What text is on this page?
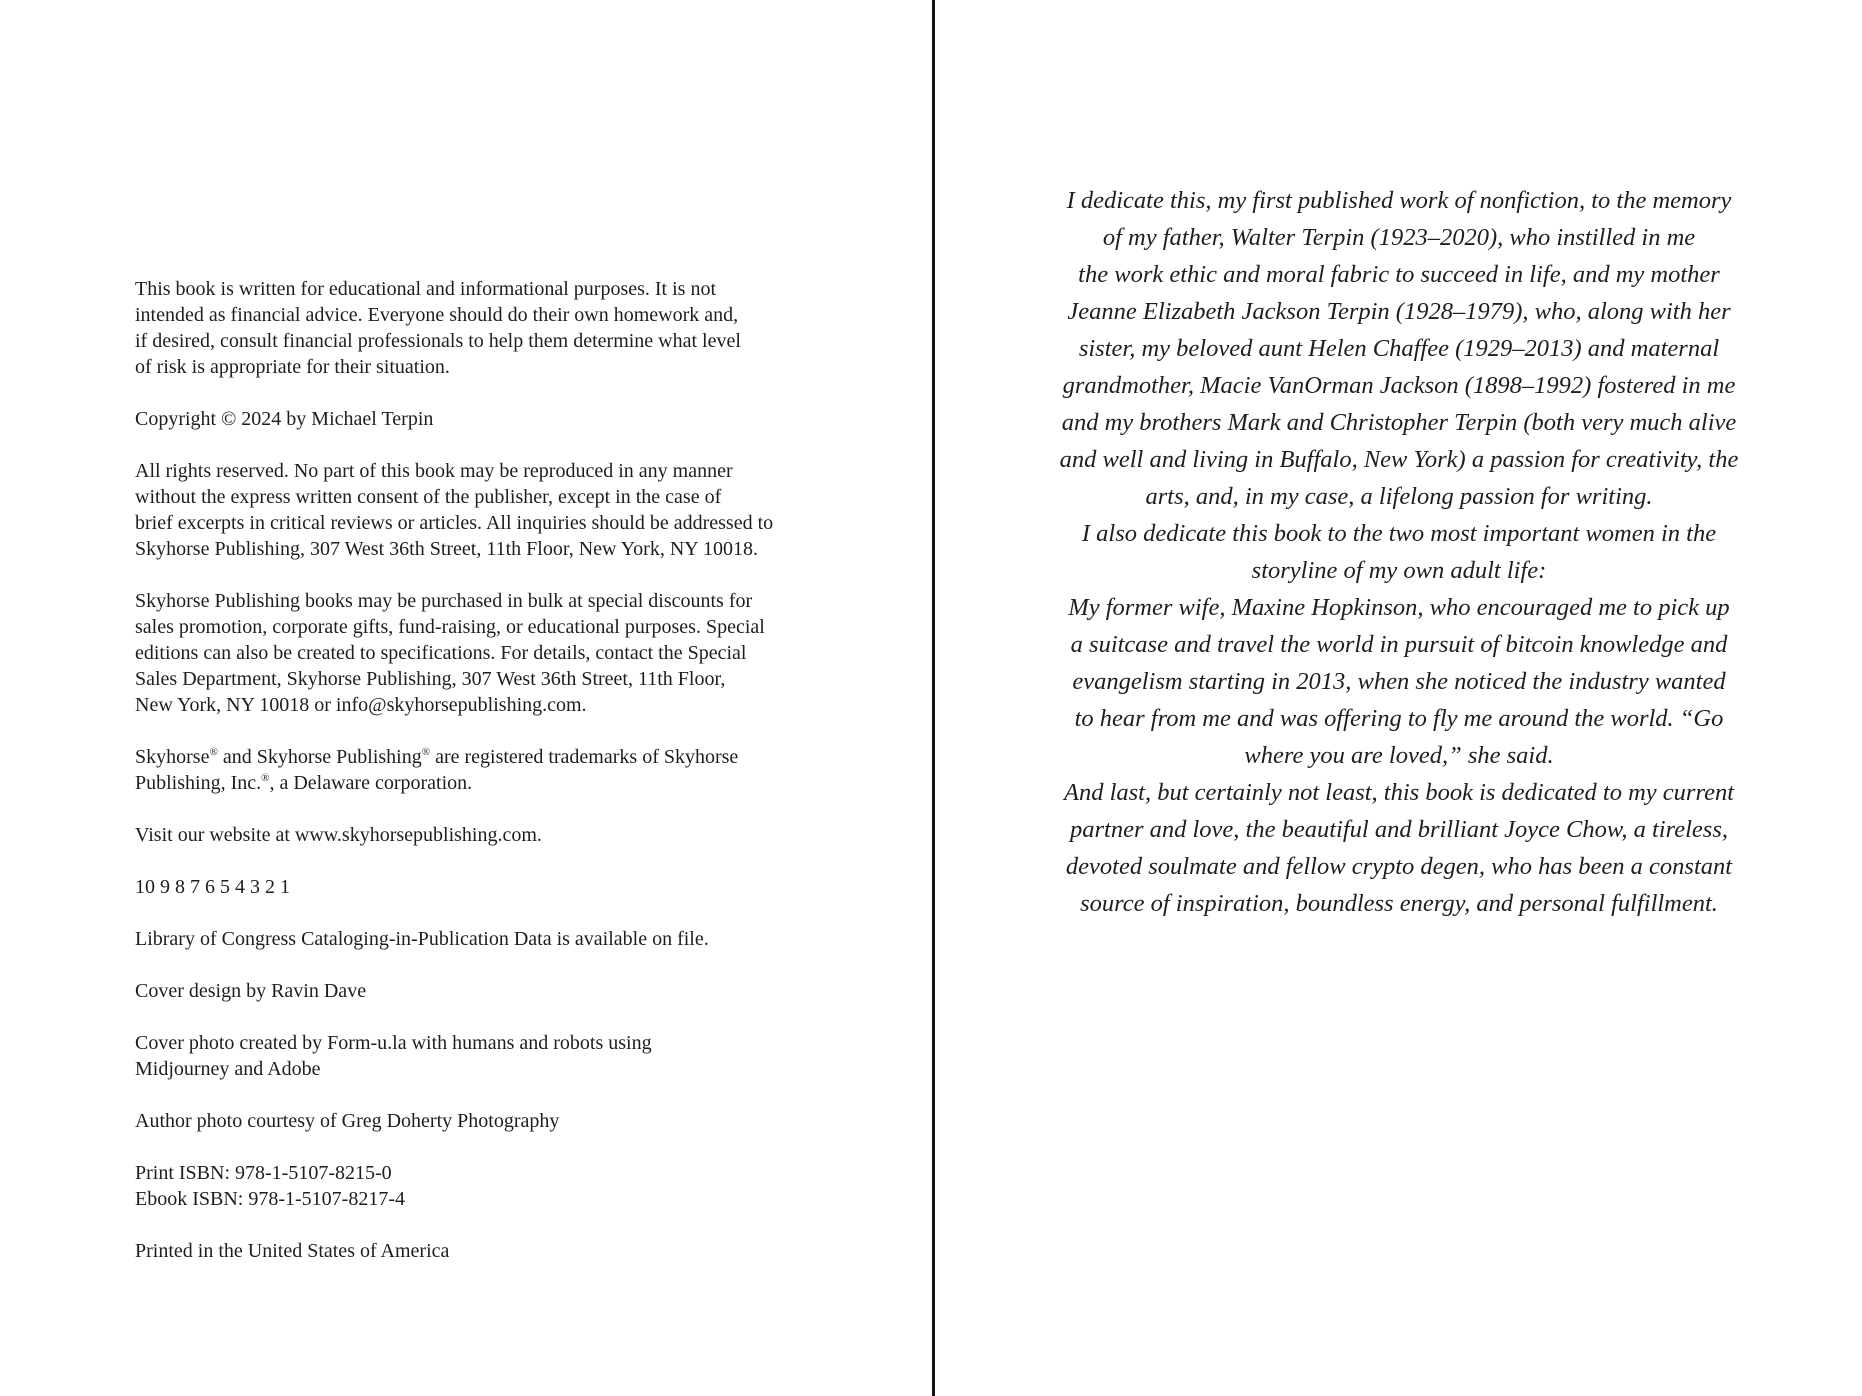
This book is written for educational and informational purposes. It is not
intended as financial advice. Everyone should do their own homework and,
if desired, consult financial professionals to help them determine what level
of risk is appropriate for their situation.

Copyright © 2024 by Michael Terpin

All rights reserved. No part of this book may be reproduced in any manner
without the express written consent of the publisher, except in the case of
brief excerpts in critical reviews or articles. All inquiries should be addressed to
Skyhorse Publishing, 307 West 36th Street, 11th Floor, New York, NY 10018.

Skyhorse Publishing books may be purchased in bulk at special discounts for
sales promotion, corporate gifts, fund-raising, or educational purposes. Special
editions can also be created to specifications. For details, contact the Special
Sales Department, Skyhorse Publishing, 307 West 36th Street, 11th Floor,
New York, NY 10018 or info@skyhorsepublishing.com.

Skyhorse® and Skyhorse Publishing® are registered trademarks of Skyhorse
Publishing, Inc.®, a Delaware corporation.

Visit our website at www.skyhorsepublishing.com.

10 9 8 7 6 5 4 3 2 1

Library of Congress Cataloging-in-Publication Data is available on file.

Cover design by Ravin Dave

Cover photo created by Form-u.la with humans and robots using
Midjourney and Adobe

Author photo courtesy of Greg Doherty Photography

Print ISBN: 978-1-5107-8215-0
Ebook ISBN: 978-1-5107-8217-4

Printed in the United States of America

I dedicate this, my first published work of nonfiction, to the memory
of my father, Walter Terpin (1923–2020), who instilled in me
the work ethic and moral fabric to succeed in life, and my mother
Jeanne Elizabeth Jackson Terpin (1928–1979), who, along with her
sister, my beloved aunt Helen Chaffee (1929–2013) and maternal
grandmother, Macie VanOrman Jackson (1898–1992) fostered in me
and my brothers Mark and Christopher Terpin (both very much alive
and well and living in Buffalo, New York) a passion for creativity, the
arts, and, in my case, a lifelong passion for writing.

I also dedicate this book to the two most important women in the
storyline of my own adult life:

My former wife, Maxine Hopkinson, who encouraged me to pick up
a suitcase and travel the world in pursuit of bitcoin knowledge and
evangelism starting in 2013, when she noticed the industry wanted
to hear from me and was offering to fly me around the world. “Go
where you are loved,” she said.

And last, but certainly not least, this book is dedicated to my current
partner and love, the beautiful and brilliant Joyce Chow, a tireless,
devoted soulmate and fellow crypto degen, who has been a constant
source of inspiration, boundless energy, and personal fulfillment.
